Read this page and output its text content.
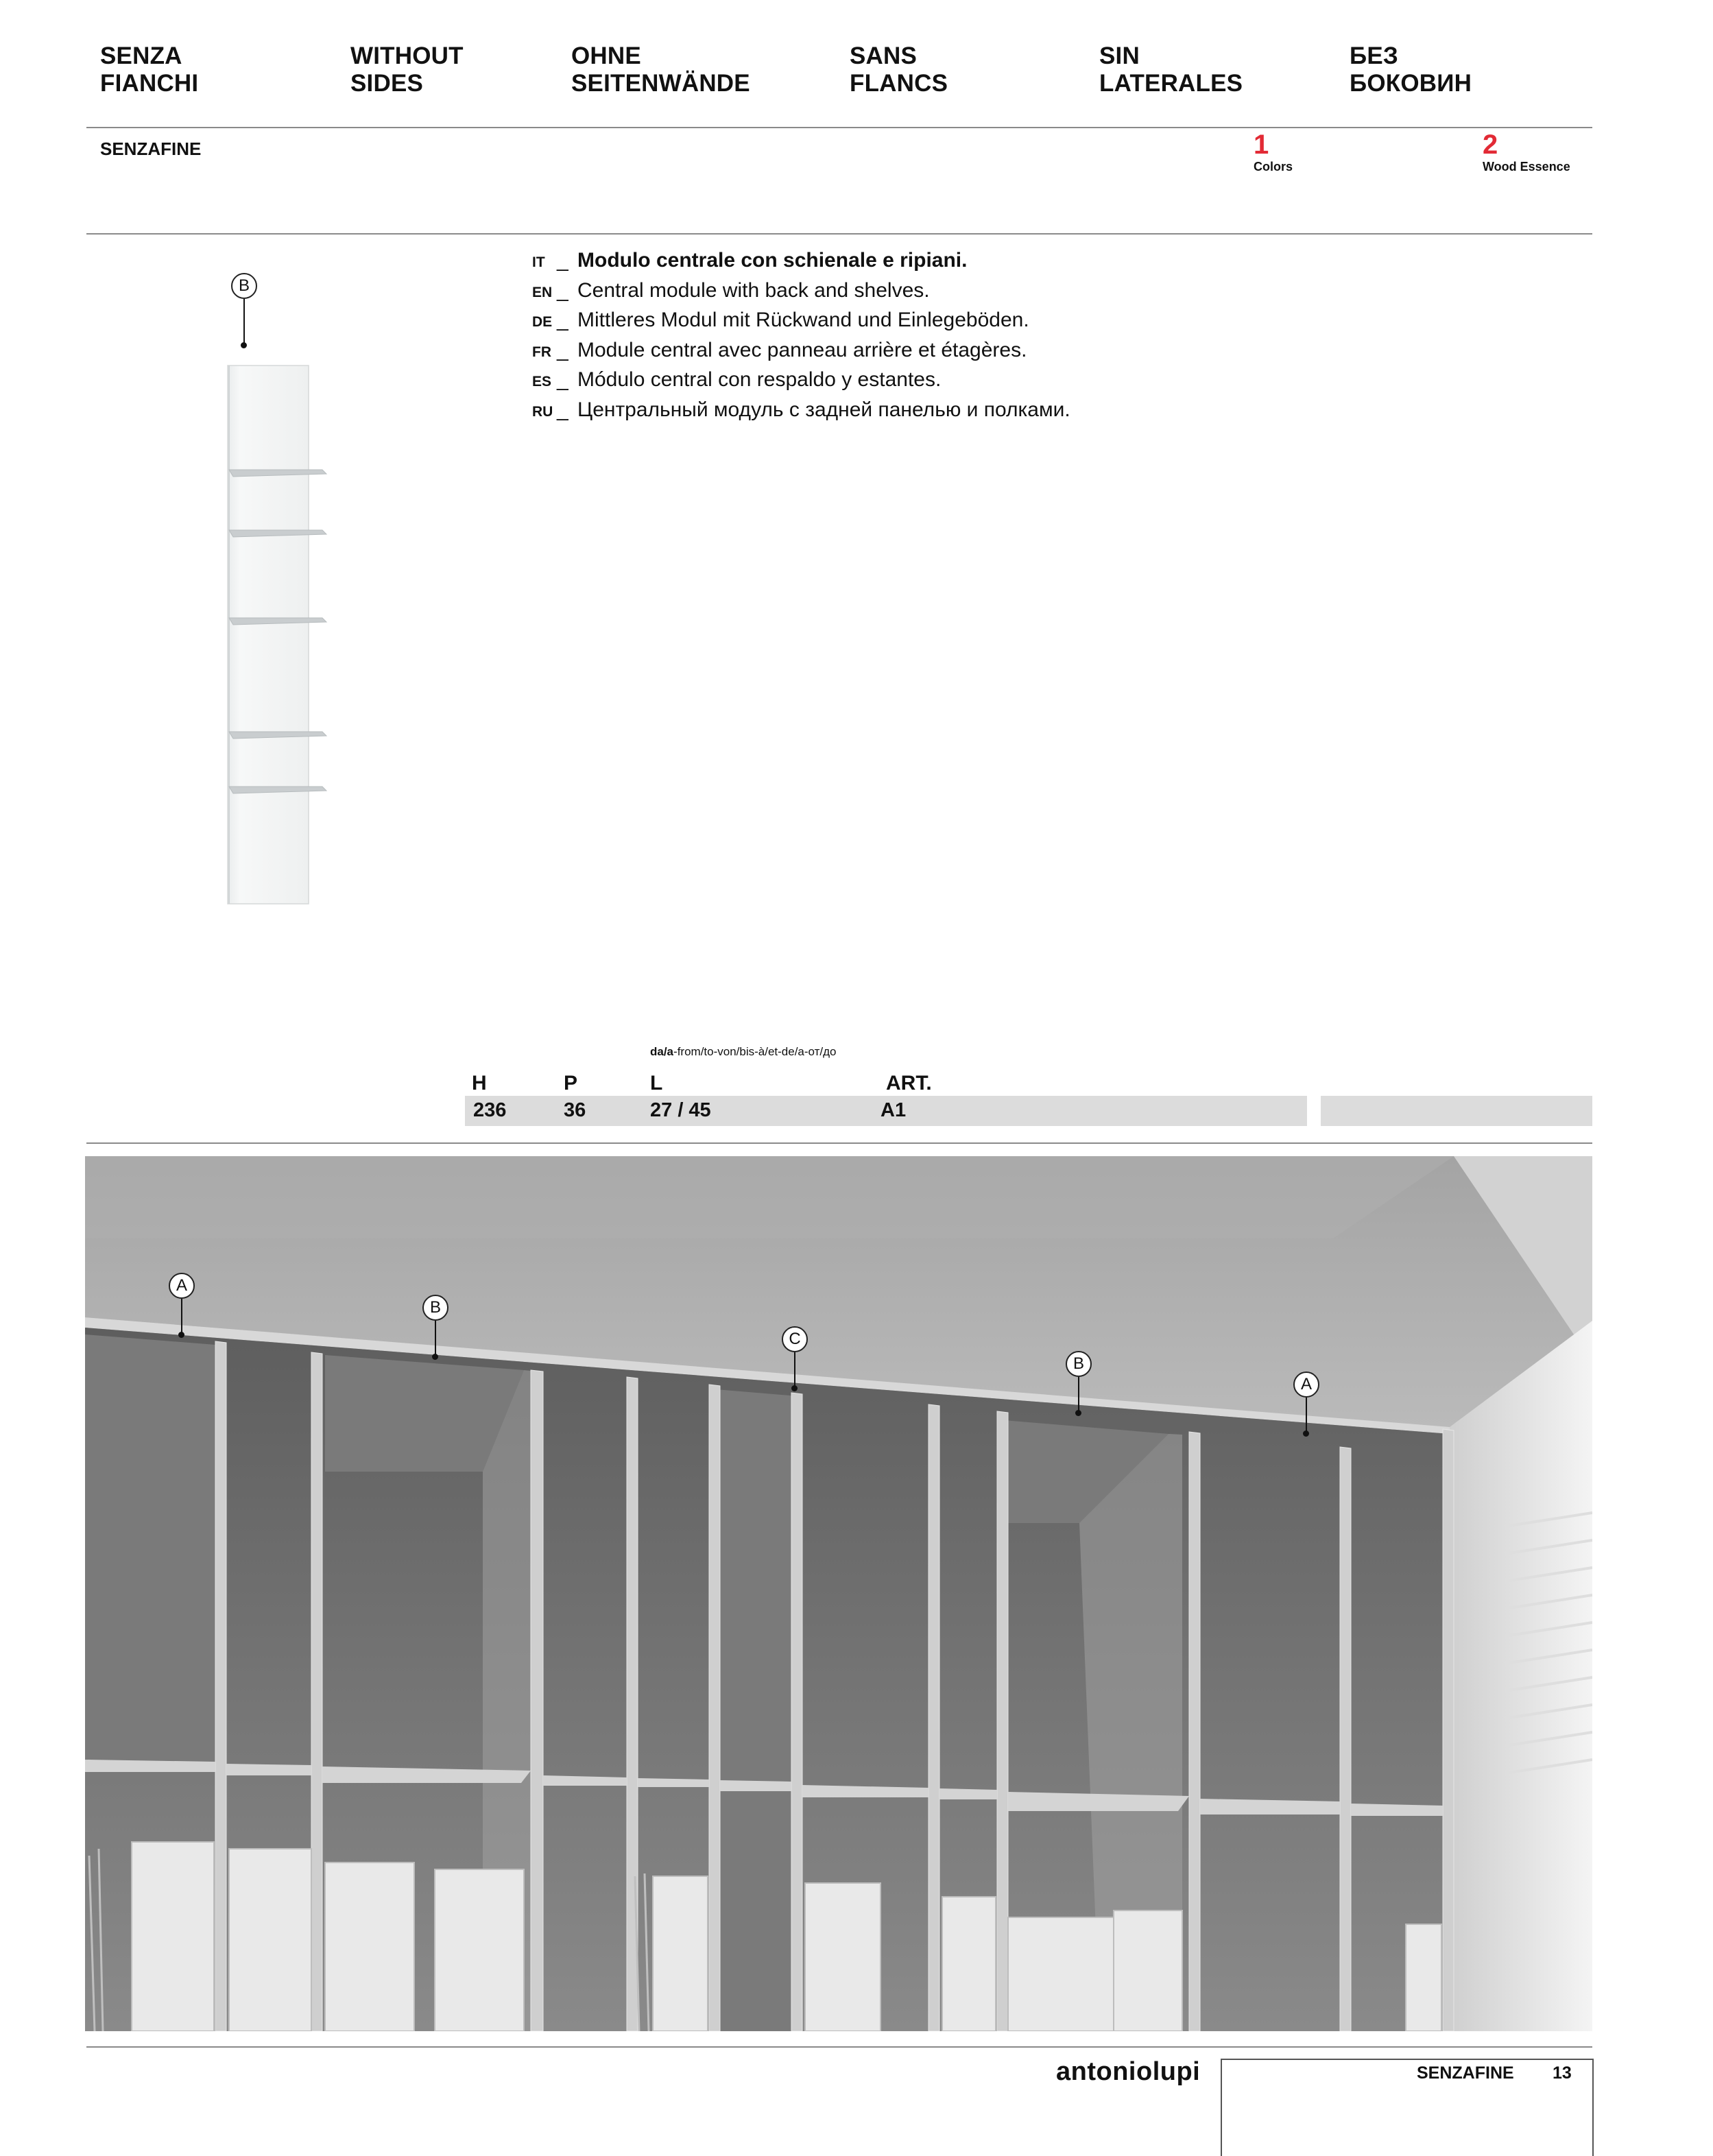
SENZA
FIANCHI
WITHOUT
SIDES
OHNE
SEITENWÄNDE
SANS
FLANCS
SIN
LATERALES
БЕЗ
БОКОВИН
SENZAFINE	1
Colors
2
Wood Essence
B
IT _ Modulo centrale con schienale e ripiani.
EN _ Central module with back and shelves.
DE _ Mittleres Modul mit Rückwand und Einlegeböden.
FR _ Module central avec panneau arrière et étagères.
ES _ Módulo central con respaldo y estantes.
RU _ Центральный модуль с задней панелью и полками.
da/a-from/to-von/bis-à/et-de/a-от/до
H	P	L	ART.
236	36	27 / 45	A1
A
B
C
B
A
antoniolupi	SENZAFINE 13
